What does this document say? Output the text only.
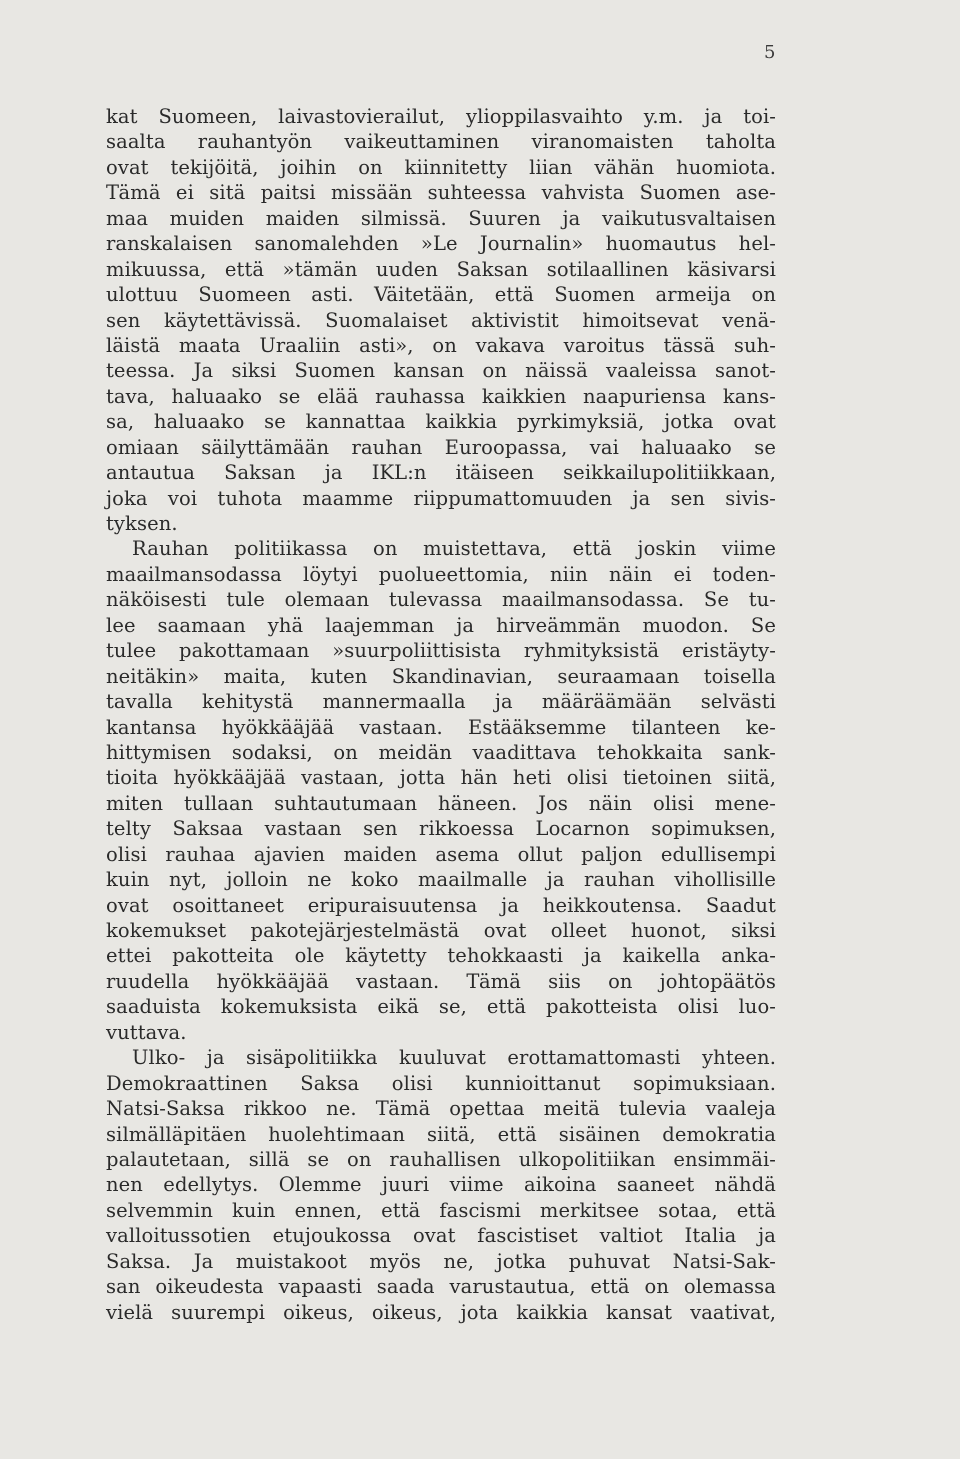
5
kat Suomeen, laivastovierailut, ylioppilasvaihto y.m. ja toi-
saalta rauhantyön vaikeuttaminen viranomaisten taholta
ovat tekijöitä, joihin on kiinnitetty liian vähän huomiota.
Tämä ei sitä paitsi missään suhteessa vahvista Suomen ase-
maa muiden maiden silmissä. Suuren ja vaikutusvaltaisen
ranskalaisen sanomalehden »Le Journalin» huomautus hel-
mikuussa, että »tämän uuden Saksan sotilaallinen käsivarsi
ulottuu Suomeen asti. Väitetään, että Suomen armeija on
sen käytettävissä. Suomalaiset aktivistit himoitsevat venä-
läistä maata Uraaliin asti», on vakava varoitus tässä suh-
teessa. Ja siksi Suomen kansan on näissä vaaleissa sanot-
tava, haluaako se elää rauhassa kaikkien naapuriensa kans-
sa, haluaako se kannattaa kaikkia pyrkimyksiä, jotka ovat
omiaan säilyttämään rauhan Euroopassa, vai haluaako se
antautua Saksan ja IKL:n itäiseen seikkailupolitiikkaan,
joka voi tuhota maamme riippumattomuuden ja sen sivis-
tyksen.
Rauhan politiikassa on muistettava, että joskin viime
maailmansodassa löytyi puolueettomia, niin näin ei toden-
näköisesti tule olemaan tulevassa maailmansodassa. Se tu-
lee saamaan yhä laajemman ja hirveämmän muodon. Se
tulee pakottamaan »suurpoliittisista ryhmityksistä eristäyty-
neitäkin» maita, kuten Skandinavian, seuraamaan toisella
tavalla kehitystä mannermaalla ja määräämään selvästi
kantansa hyökkääjää vastaan. Estääksemme tilanteen ke-
hittymisen sodaksi, on meidän vaadittava tehokkaita sank-
tioita hyökkääjää vastaan, jotta hän heti olisi tietoinen siitä,
miten tullaan suhtautumaan häneen. Jos näin olisi mene-
telty Saksaa vastaan sen rikkoessa Locarnon sopimuksen,
olisi rauhaa ajavien maiden asema ollut paljon edullisempi
kuin nyt, jolloin ne koko maailmalle ja rauhan vihollisille
ovat osoittaneet eripuraisuutensa ja heikkoutensa. Saadut
kokemukset pakotejärjestelmästä ovat olleet huonot, siksi
ettei pakotteita ole käytetty tehokkaasti ja kaikella anka-
ruudella hyökkääjää vastaan. Tämä siis on johtopäätös
saaduista kokemuksista eikä se, että pakotteista olisi luo-
vuttava.
Ulko- ja sisäpolitiikka kuuluvat erottamattomasti yhteen.
Demokraattinen Saksa olisi kunnioittanut sopimuksiaan.
Natsi-Saksa rikkoo ne. Tämä opettaa meitä tulevia vaaleja
silmälläpitäen huolehtimaan siitä, että sisäinen demokratia
palautetaan, sillä se on rauhallisen ulkopolitiikan ensimmäi-
nen edellytys. Olemme juuri viime aikoina saaneet nähdä
selvemmin kuin ennen, että fascismi merkitsee sotaa, että
valloitussotien etujoukossa ovat fascistiset valtiot Italia ja
Saksa. Ja muistakoot myös ne, jotka puhuvat Natsi-Sak-
san oikeudesta vapaasti saada varustautua, että on olemassa
vielä suurempi oikeus, oikeus, jota kaikkia kansat vaativat,
